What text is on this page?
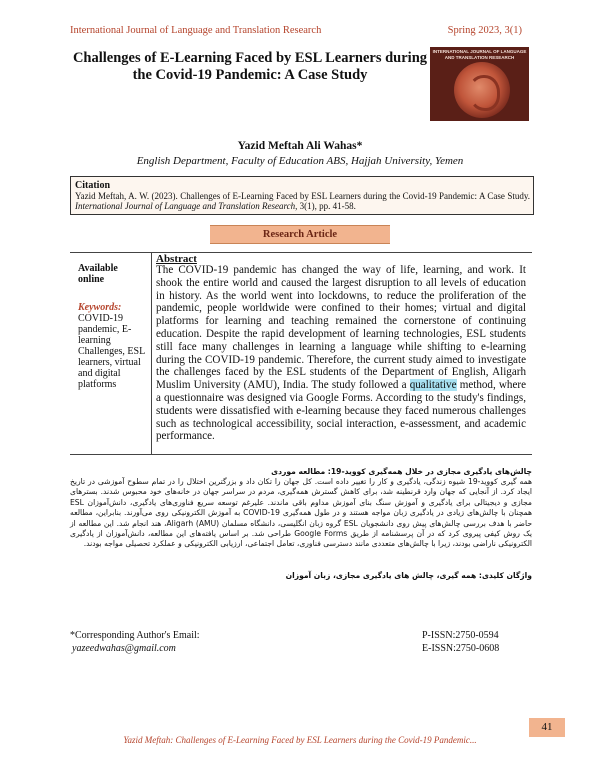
International Journal of Language and Translation Research	Spring 2023, 3(1)
Challenges of E-Learning Faced by ESL Learners during the Covid-19 Pandemic: A Case Study
INTERNATIONAL JOURNAL OF LANGUAGE AND TRANSLATION RESEARCH
Yazid Meftah Ali Wahas*
English Department, Faculty of Education ABS, Hajjah University, Yemen
Citation
Yazid Meftah, A. W. (2023). Challenges of E-Learning Faced by ESL Learners during the Covid-19 Pandemic: A Case Study. International Journal of Language and Translation Research, 3(1), pp. 41-58.
Research Article
Available online
Keywords:
COVID-19 pandemic, E-learning Challenges, ESL learners, virtual and digital platforms
Abstract
The COVID-19 pandemic has changed the way of life, learning, and work. It shook the entire world and caused the largest disruption to all levels of education in history. As the world went into lockdowns, to reduce the proliferation of the pandemic, people worldwide were confined to their homes; virtual and digital platforms for learning and teaching remained the cornerstone of continuing education. Despite the rapid development of learning technologies, ESL students still face many challenges in learning a language while shifting to e-learning during the COVID-19 pandemic. Therefore, the current study aimed to investigate the challenges faced by the ESL students of the Department of English, Aligarh Muslim University (AMU), India. The study followed a qualitative method, where a questionnaire was designed via Google Forms. According to the study's findings, students were dissatisfied with e-learning because they faced numerous challenges such as technological accessibility, social interaction, e-assessment, and academic performance.
چالش‌های یادگیری مجازی در خلال همه‌گیری کووید-19: مطالعه موردی
همه گیری کووید-19 شیوه زندگی، یادگیری و کار را تغییر داده است. کل جهان را تکان داد و بزرگترین اختلال را در تمام سطوح آموزشی در تاریخ ایجاد کرد. از آنجایی که جهان وارد قرنطینه شد، برای کاهش گسترش همه‌گیری، مردم در سراسر جهان در خانه‌های خود محبوس شدند. بسترهای مجازی و دیجیتالی برای یادگیری و آموزش سنگ بنای آموزش مداوم باقی ماندند. علیرغم توسعه سریع فناوری‌های یادگیری، دانش‌آموزان ESL همچنان با چالش‌های زیادی در یادگیری زبان مواجه هستند و در طول همه‌گیری COVID-19 به آموزش الکترونیکی روی می‌آورند. بنابراین، مطالعه حاضر با هدف بررسی چالش‌های پیش روی دانشجویان ESL گروه زبان انگلیسی، دانشگاه مسلمان Aligarh (AMU)، هند انجام شد. این مطالعه از یک روش کیفی پیروی کرد که در آن پرسشنامه از طریق Google Forms طراحی شد. بر اساس یافته‌های این مطالعه، دانش‌آموزان از یادگیری الکترونیکی ناراضی بودند، زیرا با چالش‌های متعددی مانند دسترسی فناوری، تعامل اجتماعی، ارزیابی الکترونیکی و عملکرد تحصیلی مواجه بودند.
واژگان کلیدی: همه گیری، چالش های یادگیری مجازی، زبان آموزان
*Corresponding Author's Email:
yazeedwahas@gmail.com
P-ISSN:2750-0594
E-ISSN:2750-0608
41
Yazid Meftah: Challenges of E-Learning Faced by ESL Learners during the Covid-19 Pandemic...
